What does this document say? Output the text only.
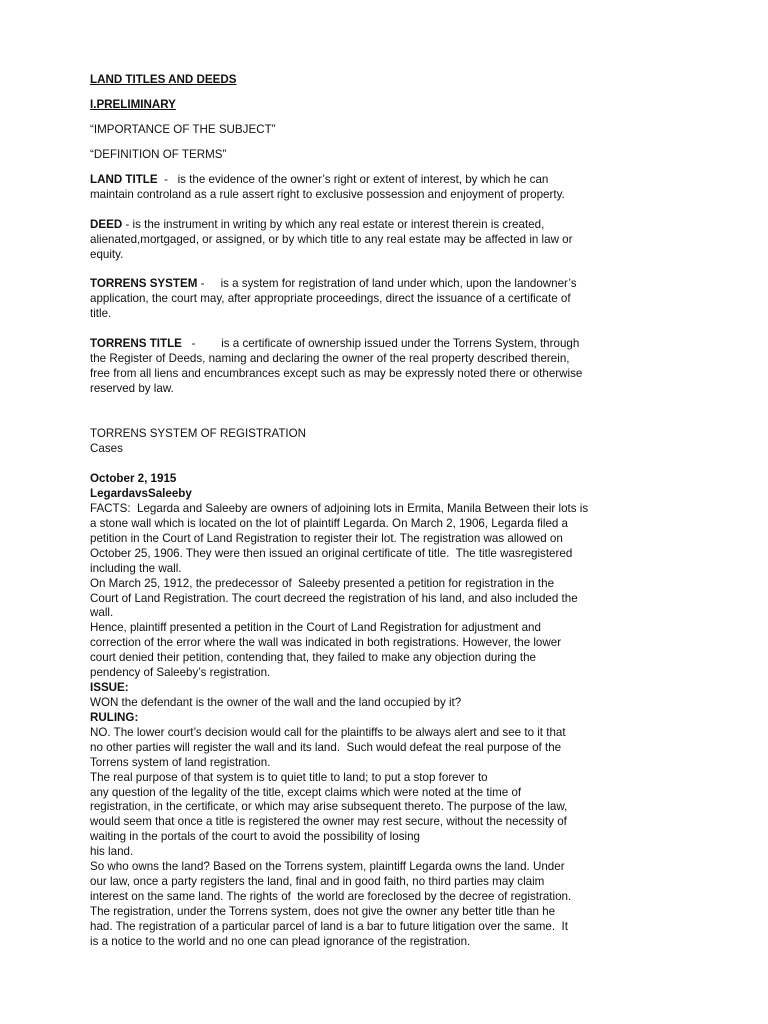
LAND TITLES AND DEEDS
I.PRELIMINARY
“IMPORTANCE OF THE SUBJECT”
“DEFINITION OF TERMS”
LAND TITLE  -   is the evidence of the owner’s right or extent of interest, by which he can
maintain controland as a rule assert right to exclusive possession and enjoyment of property.
DEED - is the instrument in writing by which any real estate or interest therein is created,
alienated,mortgaged, or assigned, or by which title to any real estate may be affected in law or
equity.
TORRENS SYSTEM -     is a system for registration of land under which, upon the landowner’s
application, the court may, after appropriate proceedings, direct the issuance of a certificate of
title.
TORRENS TITLE   -        is a certificate of ownership issued under the Torrens System, through
the Register of Deeds, naming and declaring the owner of the real property described therein,
free from all liens and encumbrances except such as may be expressly noted there or otherwise
reserved by law.
TORRENS SYSTEM OF REGISTRATION
Cases
October 2, 1915
LegardavsSaleeby
FACTS:  Legarda and Saleeby are owners of adjoining lots in Ermita, Manila Between their lots is
a stone wall which is located on the lot of plaintiff Legarda. On March 2, 1906, Legarda filed a
petition in the Court of Land Registration to register their lot. The registration was allowed on
October 25, 1906. They were then issued an original certificate of title.  The title wasregistered
including the wall.
On March 25, 1912, the predecessor of  Saleeby presented a petition for registration in the
Court of Land Registration. The court decreed the registration of his land, and also included the
wall.
Hence, plaintiff presented a petition in the Court of Land Registration for adjustment and
correction of the error where the wall was indicated in both registrations. However, the lower
court denied their petition, contending that, they failed to make any objection during the
pendency of Saleeby’s registration.
ISSUE:
WON the defendant is the owner of the wall and the land occupied by it?
RULING:
NO. The lower court’s decision would call for the plaintiffs to be always alert and see to it that
no other parties will register the wall and its land.  Such would defeat the real purpose of the
Torrens system of land registration.
The real purpose of that system is to quiet title to land; to put a stop forever to
any question of the legality of the title, except claims which were noted at the time of
registration, in the certificate, or which may arise subsequent thereto. The purpose of the law,
would seem that once a title is registered the owner may rest secure, without the necessity of
waiting in the portals of the court to avoid the possibility of losing
his land.
So who owns the land? Based on the Torrens system, plaintiff Legarda owns the land. Under
our law, once a party registers the land, final and in good faith, no third parties may claim
interest on the same land. The rights of  the world are foreclosed by the decree of registration.
The registration, under the Torrens system, does not give the owner any better title than he
had. The registration of a particular parcel of land is a bar to future litigation over the same.  It
is a notice to the world and no one can plead ignorance of the registration.
